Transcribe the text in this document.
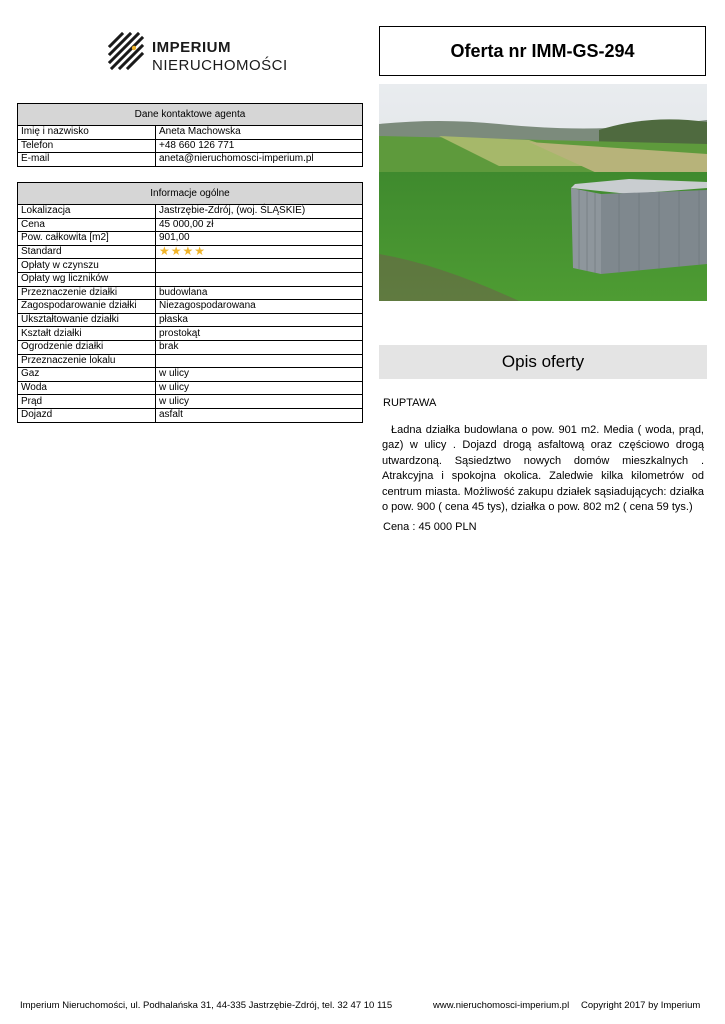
IMPERIUM
NIERUCHOMOŚCI
Oferta nr IMM-GS-294
Dane kontaktowe agenta	
Imię i nazwisko	Aneta Machowska
Telefon	+48 660 126 771
E-mail	aneta@nieruchomosci-imperium.pl
Informacje ogólne	
Lokalizacja	Jastrzębie-Zdrój, (woj. ŚLĄSKIE)
Cena	45 000,00 zł
Pow. całkowita [m2]	901,00
Standard	★ ★ ★ ★

Opłaty w czynszu	
Opłaty wg liczników	
Przeznaczenie działki	budowlana
Zagospodarowanie działki	Niezagospodarowana
Ukształtowanie działki	płaska
Kształt działki	prostokąt
Ogrodzenie działki	brak
Przeznaczenie lokalu	
Gaz	w ulicy
Woda	w ulicy
Prąd	w ulicy
Dojazd	asfalt
Opis oferty
RUPTAWA
Ładna działka budowlana o pow. 901 m2. Media ( woda, prąd, gaz) w ulicy . Dojazd drogą asfaltową oraz częściowo drogą utwardzoną. Sąsiedztwo nowych domów mieszkalnych . Atrakcyjna i spokojna okolica. Zaledwie kilka kilometrów od centrum miasta. Możliwość zakupu działek sąsiadujących: działka o pow. 900 ( cena 45 tys), działka o pow. 802 m2 ( cena 59 tys.)
Cena : 45 000 PLN
Imperium Nieruchomości, ul. Podhalańska 31, 44-335 Jastrzębie-Zdrój, tel. 32 47 10 115	www.nieruchomosci-imperium.pl Copyright 2017 by Imperium
